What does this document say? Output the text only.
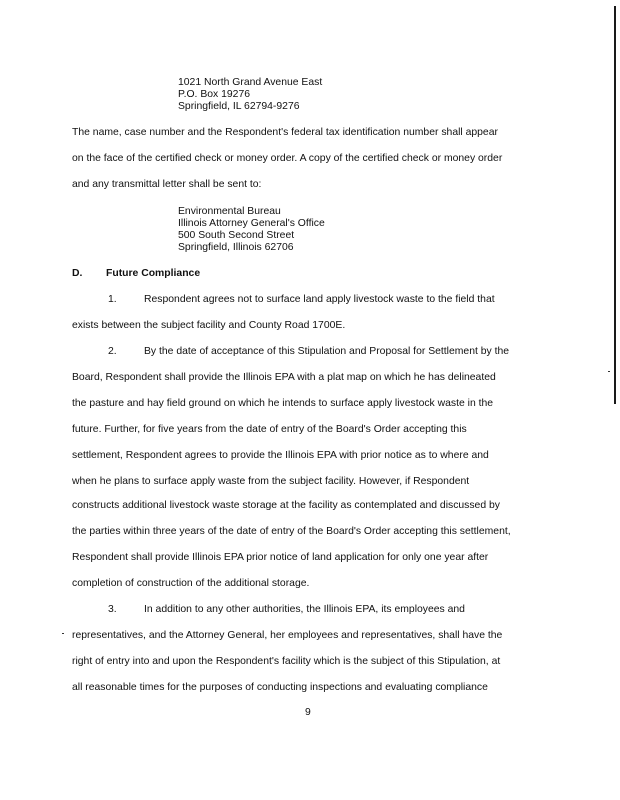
1021 North Grand Avenue East
P.O. Box 19276
Springfield, IL 62794-9276
The name, case number and the Respondent's federal tax identification number shall appear
on the face of the certified check or money order. A copy of the certified check or money order
and any transmittal letter shall be sent to:
Environmental Bureau
Illinois Attorney General's Office
500 South Second Street
Springfield, Illinois 62706
D. Future Compliance
1.	Respondent agrees not to surface land apply livestock waste to the field that
exists between the subject facility and County Road 1700E.
2.	By the date of acceptance of this Stipulation and Proposal for Settlement by the
Board, Respondent shall provide the Illinois EPA with a plat map on which he has delineated
the pasture and hay field ground on which he intends to surface apply livestock waste in the
future. Further, for five years from the date of entry of the Board's Order accepting this
settlement, Respondent agrees to provide the Illinois EPA with prior notice as to where and
when he plans to surface apply waste from the subject facility. However, if Respondent
constructs additional livestock waste storage at the facility as contemplated and discussed by
the parties within three years of the date of entry of the Board's Order accepting this settlement,
Respondent shall provide Illinois EPA prior notice of land application for only one year after
completion of construction of the additional storage.
3.	In addition to any other authorities, the Illinois EPA, its employees and
representatives, and the Attorney General, her employees and representatives, shall have the
right of entry into and upon the Respondent's facility which is the subject of this Stipulation, at
all reasonable times for the purposes of conducting inspections and evaluating compliance
9
